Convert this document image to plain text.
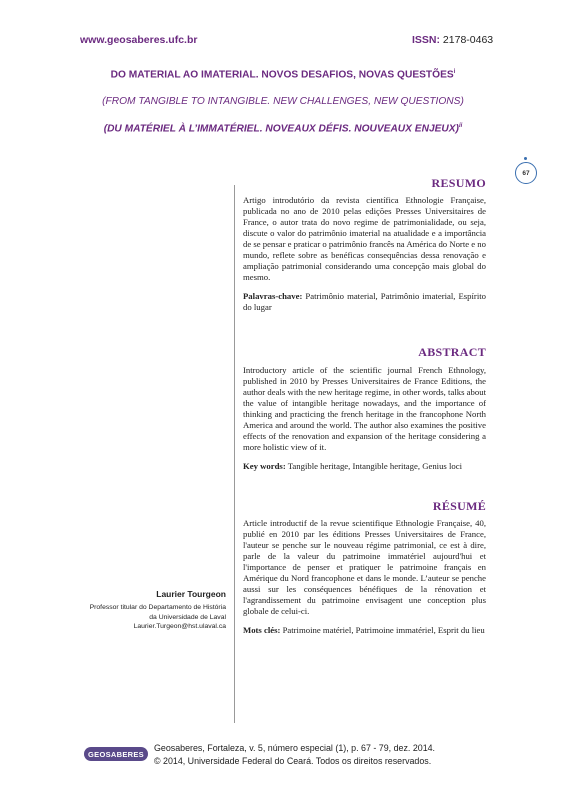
www.geosaberes.ufc.br	ISSN: 2178-0463
DO MATERIAL AO IMATERIAL. NOVOS DESAFIOS, NOVAS QUESTÕES$^i$
(FROM TANGIBLE TO INTANGIBLE. NEW CHALLENGES, NEW QUESTIONS)
(DU MATÉRIEL À L’IMMATÉRIEL. NOVEAUX DÉFIS. NOUVEAUX ENJEUX)$^{ii}$
67
RESUMO

Artigo introdutório da revista científica Ethnologie Française, publicada no ano de 2010 pelas edições Presses Universitaires de France, o autor trata do novo regime de patrimonialidade, ou seja, discute o valor do patrimônio imaterial na atualidade e a importância de se pensar e praticar o patrimônio francês na América do Norte e no mundo, reflete sobre as benéficas consequências dessa renovação e ampliação patrimonial considerando uma concepção mais global do mesmo.

Palavras-chave: Patrimônio material, Patrimônio imaterial, Espírito do lugar

ABSTRACT

Introductory article of the scientific journal French Ethnology, published in 2010 by Presses Universitaires de France Editions, the author deals with the new heritage regime, in other words, talks about the value of intangible heritage nowadays, and the importance of thinking and practicing the french heritage in the francophone North America and around the world. The author also examines the positive effects of the renovation and expansion of the heritage considering a more holistic view of it.

Key words: Tangible heritage, Intangible heritage, Genius loci

RÉSUMÉ

Article introductif de la revue scientifique Ethnologie Française, 40, publié en 2010 par les éditions Presses Universitaires de France, l'auteur se penche sur le nouveau régime patrimonial, ce est à dire, parle de la valeur du patrimoine immatériel aujourd'hui et l'importance de penser et pratiquer le patrimoine français en Amérique du Nord francophone et dans le monde. L’auteur se penche aussi sur les conséquences bénéfiques de la rénovation et l'agrandissement du patrimoine envisagent une conception plus globale de celui-ci.

Mots clés: Patrimoine matériel, Patrimoine immatériel, Esprit du lieu

Laurier Tourgeon
Professor titular do Departamento de História
da Universidade de Laval
Laurier.Turgeon@hst.ulaval.ca
GEOSABERES
Geosaberes, Fortaleza, v. 5, número especial (1), p. 67 - 79, dez. 2014.
© 2014, Universidade Federal do Ceará. Todos os direitos reservados.
